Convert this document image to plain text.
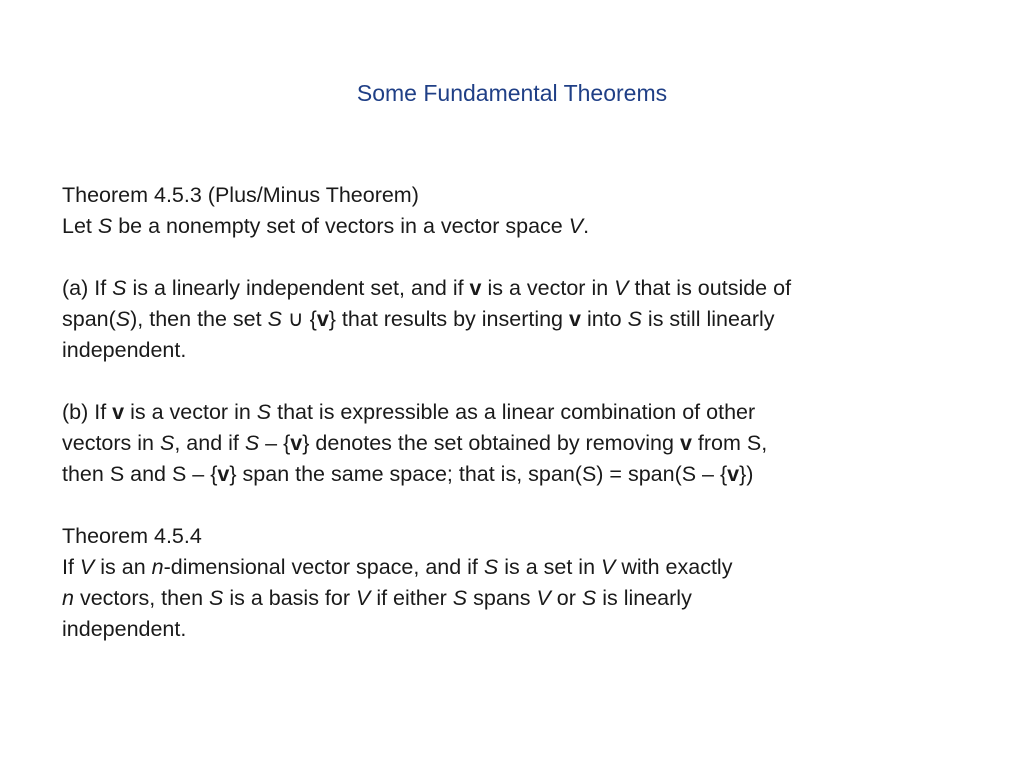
Some Fundamental Theorems
Theorem 4.5.3 (Plus/Minus Theorem)
Let S be a nonempty set of vectors in a vector space V.
(a) If S is a linearly independent set, and if v is a vector in V that is outside of
span(S), then the set S ∪ {v} that results by inserting v into S is still linearly
independent.
(b) If v is a vector in S that is expressible as a linear combination of other
vectors in S, and if S – {v} denotes the set obtained by removing v from S,
then S and S – {v} span the same space; that is, span(S) = span(S – {v})
Theorem 4.5.4
If V is an n-dimensional vector space, and if S is a set in V with exactly
n vectors, then S is a basis for V if either S spans V or S is linearly
independent.
